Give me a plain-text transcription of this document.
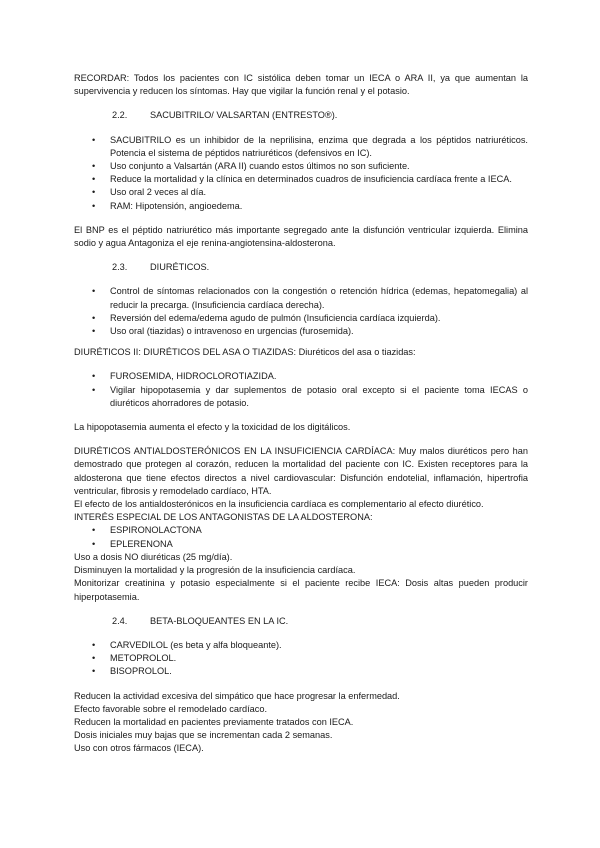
RECORDAR: Todos los pacientes con IC sistólica deben tomar un IECA o ARA II, ya que aumentan la supervivencia y reducen los síntomas. Hay que vigilar la función renal y el potasio.

2.2.	SACUBITRILO/ VALSARTAN (ENTRESTO®).
• SACUBITRILO es un inhibidor de la neprilisina, enzima que degrada a los péptidos natriuréticos. Potencia el sistema de péptidos natriuréticos (defensivos en IC).
• Uso conjunto a Valsartán (ARA II) cuando estos últimos no son suficiente.
• Reduce la mortalidad y la clínica en determinados cuadros de insuficiencia cardíaca frente a IECA.
• Uso oral 2 veces al día.
• RAM: Hipotensión, angioedema.

El BNP es el péptido natriurético más importante segregado ante la disfunción ventricular izquierda. Elimina sodio y agua Antagoniza el eje renina-angiotensina-aldosterona.

2.3.	DIURÉTICOS.
• Control de síntomas relacionados con la congestión o retención hídrica (edemas, hepatomegalia) al reducir la precarga. (Insuficiencia cardíaca derecha).
• Reversión del edema/edema agudo de pulmón (Insuficiencia cardíaca izquierda).
• Uso oral (tiazidas) o intravenoso en urgencias (furosemida).

DIURÉTICOS II: DIURÉTICOS DEL ASA O TIAZIDAS: Diuréticos del asa o tiazidas:

• FUROSEMIDA, HIDROCLOROTIAZIDA.
• Vigilar hipopotasemia y dar suplementos de potasio oral excepto si el paciente toma IECAS o diuréticos ahorradores de potasio.

La hipopotasemia aumenta el efecto y la toxicidad de los digitálicos.

DIURÉTICOS ANTIALDOSTERÓNICOS EN LA INSUFICIENCIA CARDÍACA: Muy malos diuréticos pero han demostrado que protegen al corazón, reducen la mortalidad del paciente con IC. Existen receptores para la aldosterona que tiene efectos directos a nivel cardiovascular: Disfunción endotelial, inflamación, hipertrofia ventricular, fibrosis y remodelado cardíaco, HTA.

El efecto de los antialdosterónicos en la insuficiencia cardíaca es complementario al efecto diurético.

INTERÉS ESPECIAL DE LOS ANTAGONISTAS DE LA ALDOSTERONA:

• ESPIRONOLACTONA
• EPLERENONA

Uso a dosis NO diuréticas (25 mg/día).

Disminuyen la mortalidad y la progresión de la insuficiencia cardíaca.

Monitorizar creatinina y potasio especialmente si el paciente recibe IECA: Dosis altas pueden producir hiperpotasemia.

2.4.	BETA-BLOQUEANTES EN LA IC.
• CARVEDILOL (es beta y alfa bloqueante).
• METOPROLOL.
• BISOPROLOL.

Reducen la actividad excesiva del simpático que hace progresar la enfermedad.

Efecto favorable sobre el remodelado cardíaco.

Reducen la mortalidad en pacientes previamente tratados con IECA.

Dosis iniciales muy bajas que se incrementan cada 2 semanas.

Uso con otros fármacos (IECA).
